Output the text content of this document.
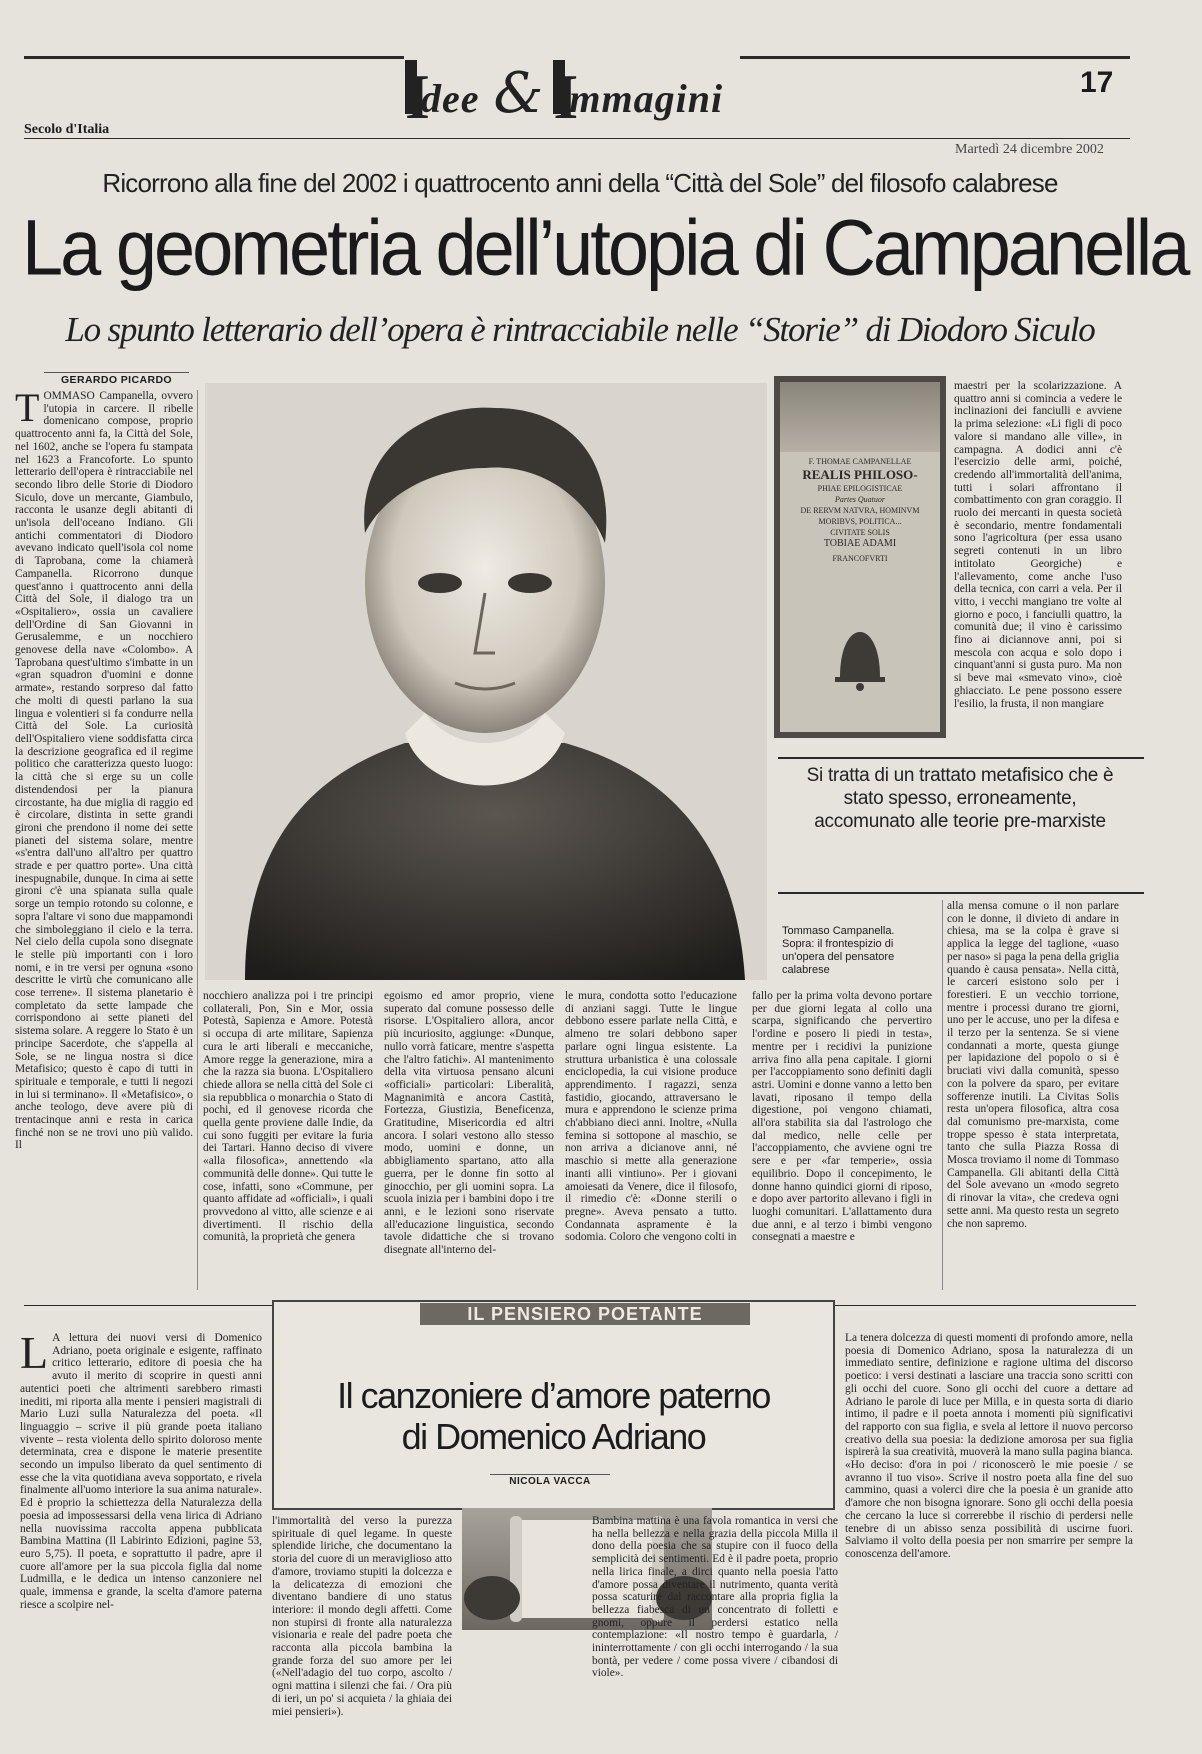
Idee & Immagini	17
Secolo d'Italia
Martedì 24 dicembre 2002
Ricorrono alla fine del 2002 i quattrocento anni della “Città del Sole” del filosofo calabrese
La geometria dell’utopia di Campanella
Lo spunto letterario dell’opera è rintracciabile nelle “Storie” di Diodoro Siculo
GERARDO PICARDO
TOMMASO Campanella, ovvero l'utopia in carcere. Il ribelle domenicano compose, proprio quattrocento anni fa, la Città del Sole, nel 1602, anche se l'opera fu stampata nel 1623 a Francoforte. Lo spunto letterario dell'opera è rintracciabile nel secondo libro delle Storie di Diodoro Siculo, dove un mercante, Giambulo, racconta le usanze degli abitanti di un'isola dell'oceano Indiano. Gli antichi commentatori di Diodoro avevano indicato quell'isola col nome di Taprobana, come la chiamerà Campanella. Ricorrono dunque quest'anno i quattrocento anni della Città del Sole, il dialogo tra un «Ospitaliero», ossia un cavaliere dell'Ordine di San Giovanni in Gerusalemme, e un nocchiero genovese della nave «Colombo». A Taprobana quest'ultimo s'imbatte in un «gran squadron d'uomini e donne armate», restando sorpreso dal fatto che molti di questi parlano la sua lingua e volentieri si fa condurre nella Città del Sole. La curiosità dell'Ospitaliero viene soddisfatta circa la descrizione geografica ed il regime politico che caratterizza questo luogo: la città che si erge su un colle distendendosi per la pianura circostante, ha due miglia di raggio ed è circolare, distinta in sette grandi gironi che prendono il nome dei sette pianeti del sistema solare, mentre «s'entra dall'uno all'altro per quattro strade e per quattro porte». Una città inespugnabile, dunque. In cima ai sette gironi c'è una spianata sulla quale sorge un tempio rotondo su colonne, e sopra l'altare vi sono due mappamondi che simboleggiano il cielo e la terra. Nel cielo della cupola sono disegnate le stelle più importanti con i loro nomi, e in tre versi per ognuna «sono descritte le virtù che comunicano alle cose terrene». Il sistema planetario è completato da sette lampade che corrispondono ai sette pianeti del sistema solare. A reggere lo Stato è un principe Sacerdote, che s'appella al Sole, se ne lingua nostra si dice Metafisico; questo è capo di tutti in spirituale e temporale, e tutti li negozi in lui si terminano». Il «Metafisico», o anche teologo, deve avere più di trentacinque anni e resta in carica finché non se ne trovi uno più valido. Il
F. THOMAE CAMPANELLAE
REALIS PHILOSO-
PHIAE EPILOGISTICAE
Partes Quatuor
DE RERVM NATVRA, HOMINVM
MORIBVS, POLITICA...
CIVITATE SOLIS
TOBIAE ADAMI
FRANCOFVRTI
maestri per la scolarizzazione. A quattro anni si comincia a vedere le inclinazioni dei fanciulli e avviene la prima selezione: «Li figli di poco valore si mandano alle ville», in campagna. A dodici anni c'è l'esercizio delle armi, poiché, credendo all'immortalità dell'anima, tutti i solari affrontano il combattimento con gran coraggio. Il ruolo dei mercanti in questa società è secondario, mentre fondamentali sono l'agricoltura (per essa usano segreti contenuti in un libro intitolato Georgiche) e l'allevamento, come anche l'uso della tecnica, con carri a vela. Per il vitto, i vecchi mangiano tre volte al giorno e poco, i fanciulli quattro, la comunità due; il vino è carissimo fino ai diciannove anni, poi si mescola con acqua e solo dopo i cinquant'anni si gusta puro. Ma non si beve mai «smevato vino», cioè ghiacciato. Le pene possono essere l'esilio, la frusta, il non mangiare
Si tratta di un trattato metafisico che è stato spesso, erroneamente, accomunato alle teorie pre-marxiste
Tommaso Campanella. Sopra: il frontespizio di un'opera del pensatore calabrese
alla mensa comune o il non parlare con le donne, il divieto di andare in chiesa, ma se la colpa è grave si applica la legge del taglione, «uaso per naso» si paga la pena della griglia quando è causa pensata». Nella città, le carceri esistono solo per i forestieri. E un vecchio torrione, mentre i processi durano tre giorni, uno per le accuse, uno per la difesa e il terzo per la sentenza. Se si viene condannati a morte, questa giunge per lapidazione del popolo o si è bruciati vivi dalla comunità, spesso con la polvere da sparo, per evitare sofferenze inutili. La Civitas Solis resta un'opera filosofica, altra cosa dal comunismo pre-marxista, come troppe spesso è stata interpretata, tanto che sulla Piazza Rossa di Mosca troviamo il nome di Tommaso Campanella. Gli abitanti della Città del Sole avevano un «modo segreto di rinovar la vita», che credeva ogni sette anni. Ma questo resta un segreto che non sapremo.
nocchiero analizza poi i tre principi collaterali, Pon, Sin e Mor, ossia Potestà, Sapienza e Amore. Potestà si occupa di arte militare, Sapienza cura le arti liberali e meccaniche, Amore regge la generazione, mira a che la razza sia buona. L'Ospitaliero chiede allora se nella città del Sole ci sia repubblica o monarchia o Stato di pochi, ed il genovese ricorda che quella gente proviene dalle Indie, da cui sono fuggiti per evitare la furia dei Tartari. Hanno deciso di vivere «alla filosofica», annettendo «la communità delle donne». Qui tutte le cose, infatti, sono «Commune, per quanto affidate ad «officiali», i quali provvedono al vitto, alle scienze e ai divertimenti. Il rischio della comunità, la proprietà che genera
egoismo ed amor proprio, viene superato dal comune possesso delle risorse. L'Ospitaliero allora, ancor più incuriosito, aggiunge: «Dunque, nullo vorrà faticare, mentre s'aspetta che l'altro fatichi». Al mantenimento della vita virtuosa pensano alcuni «officiali» particolari: Liberalità, Magnanimità e ancora Castità, Fortezza, Giustizia, Beneficenza, Gratitudine, Misericordia ed altri ancora. I solari vestono allo stesso modo, uomini e donne, un abbigliamento spartano, atto alla guerra, per le donne fin sotto al ginocchio, per gli uomini sopra. La scuola inizia per i bambini dopo i tre anni, e le lezioni sono riservate all'educazione linguistica, secondo tavole didattiche che si trovano disegnate all'interno del-
le mura, condotta sotto l'educazione di anziani saggi. Tutte le lingue debbono essere parlate nella Città, e almeno tre solari debbono saper parlare ogni lingua esistente. La struttura urbanistica è una colossale enciclopedia, la cui visione produce apprendimento. I ragazzi, senza fastidio, giocando, attraversano le mura e apprendono le scienze prima ch'abbiano dieci anni. Inoltre, «Nulla femina si sottopone al maschio, se non arriva a dicianove anni, né maschio si mette alla generazione inanti alli vintiuno». Per i giovani amoiesati da Venere, dice il filosofo, il rimedio c'è: «Donne sterili o pregne». Aveva pensato a tutto. Condannata aspramente è la sodomia. Coloro che vengono colti in
fallo per la prima volta devono portare per due giorni legata al collo una scarpa, significando che pervertiro l'ordine e posero li piedi in testa», mentre per i recidivi la punizione arriva fino alla pena capitale. I giorni per l'accoppiamento sono definiti dagli astri. Uomini e donne vanno a letto ben lavati, riposano il tempo della digestione, poi vengono chiamati, all'ora stabilita sia dal l'astrologo che dal medico, nelle celle per l'accoppiamento, che avviene ogni tre sere e per «far temperie», ossia equilibrio. Dopo il concepimento, le donne hanno quindici giorni di riposo, e dopo aver partorito allevano i figli in luoghi comunitari. L'allattamento dura due anni, e al terzo i bimbi vengono consegnati a maestre e
IL PENSIERO POETANTE
Il canzoniere d’amore paterno
di Domenico Adriano
NICOLA VACCA
L A lettura dei nuovi versi di Domenico Adriano, poeta originale e esigente, raffinato critico letterario, editore di poesia che ha avuto il merito di scoprire in questi anni autentici poeti che altrimenti sarebbero rimasti inediti, mi riporta alla mente i pensieri magistrali di Mario Luzi sulla Naturalezza del poeta. «Il linguaggio – scrive il più grande poeta italiano vivente – resta violenta dello spirito doloroso mente determinata, crea e dispone le materie presentite secondo un impulso liberato da quel sentimento di esse che la vita quotidiana aveva sopportato, e rivela finalmente all'uomo interiore la sua anima naturale». Ed è proprio la schiettezza della Naturalezza della poesia ad impossessarsi della vena lirica di Adriano nella nuovissima raccolta appena pubblicata Bambina Mattina (Il Labirinto Edizioni, pagine 53, euro 5,75). Il poeta, e soprattutto il padre, apre il cuore all'amore per la sua piccola figlia dal nome Ludmilla, e le dedica un intenso canzoniere nel quale, immensa e grande, la scelta d'amore paterna riesce a scolpire nel-
l'immortalità del verso la purezza spirituale di quel legame. In queste splendide liriche, che documentano la storia del cuore di un meraviglioso atto d'amore, troviamo stupiti la dolcezza e la delicatezza di emozioni che diventano bandiere di uno status interiore: il mondo degli affetti. Come non stupirsi di fronte alla naturalezza visionaria e reale del padre poeta che racconta alla piccola bambina la grande forza del suo amore per lei («Nell'adagio del tuo corpo, ascolto / ogni mattina i silenzi che fai. / Ora più di ieri, un po' si acquieta / la ghiaia dei miei pensieri»).
Bambina mattina è una favola romantica in versi che ha nella bellezza e nella grazia della piccola Milla il dono della poesia che sa stupire con il fuoco della semplicità dei sentimenti. Ed è il padre poeta, proprio nella lirica finale, a dirci quanto nella poesia l'atto d'amore possa diventare il nutrimento, quanta verità possa scaturire dal raccontare alla propria figlia la bellezza fiabesca di un concentrato di folletti e gnomi, oppure il perdersi estatico nella contemplazione: «Il nostro tempo è guardarla, / ininterrottamente / con gli occhi interrogando / la sua bontà, per vedere / come possa vivere / cibandosi di viole».
La tenera dolcezza di questi momenti di profondo amore, nella poesia di Domenico Adriano, sposa la naturalezza di un immediato sentire, definizione e ragione ultima del discorso poetico: i versi destinati a lasciare una traccia sono scritti con gli occhi del cuore. Sono gli occhi del cuore a dettare ad Adriano le parole di luce per Milla, e in questa sorta di diario intimo, il padre e il poeta annota i momenti più significativi del rapporto con sua figlia, e svela al lettore il nuovo percorso creativo della sua poesia: la dedizione amorosa per sua figlia ispirerà la sua creatività, muoverà la mano sulla pagina bianca. «Ho deciso: d'ora in poi / riconoscerò le mie poesie / se avranno il tuo viso». Scrive il nostro poeta alla fine del suo cammino, quasi a volerci dire che la poesia è un granide atto d'amore che non bisogna ignorare. Sono gli occhi della poesia che cercano la luce si correrebbe il rischio di perdersi nelle tenebre di un abisso senza possibilità di uscirne fuori. Salviamo il volto della poesia per non smarrire per sempre la conoscenza dell'amore.
